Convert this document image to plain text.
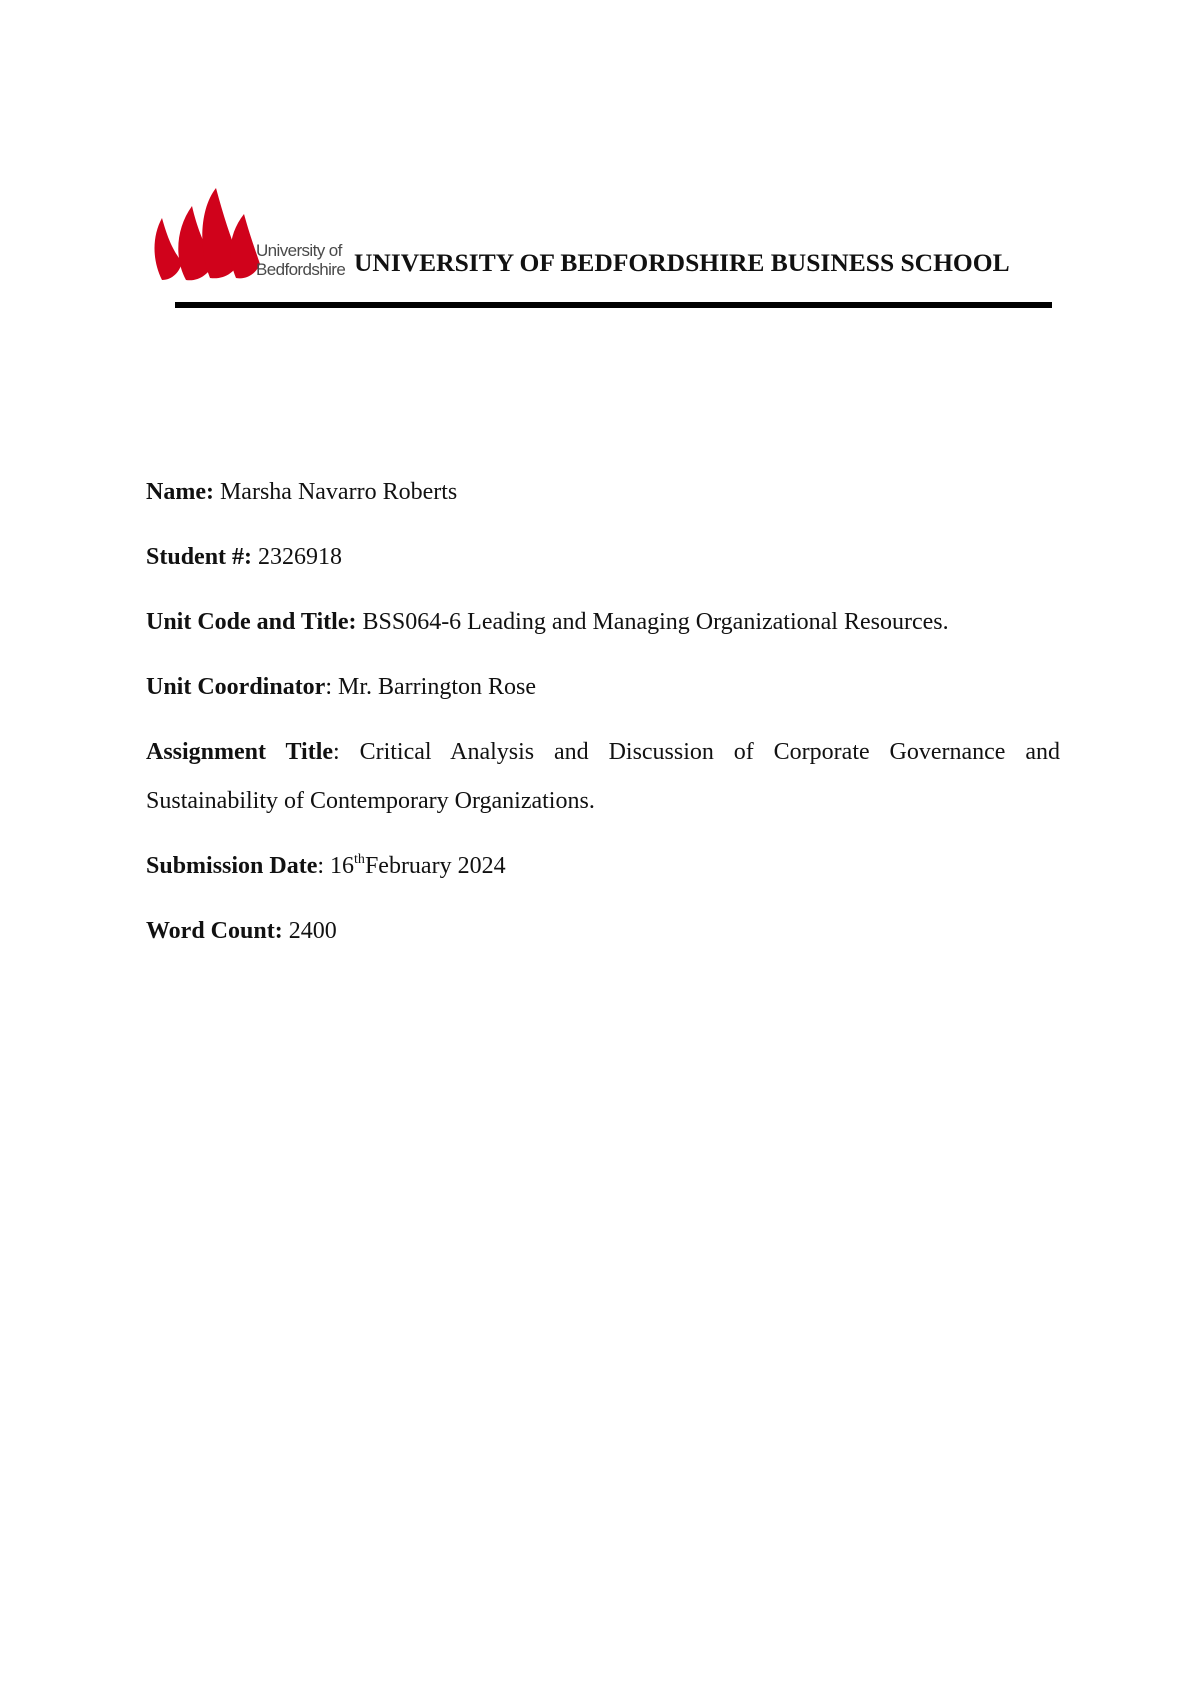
University of
Bedfordshire UNIVERSITY OF BEDFORDSHIRE BUSINESS SCHOOL

Name: Marsha Navarro Roberts

Student #: 2326918

Unit Code and Title: BSS064-6 Leading and Managing Organizational Resources.

Unit Coordinator: Mr. Barrington Rose

Assignment Title: Critical Analysis and Discussion of Corporate Governance and Sustainability of Contemporary Organizations.

Submission Date: 16thFebruary 2024

Word Count: 2400
